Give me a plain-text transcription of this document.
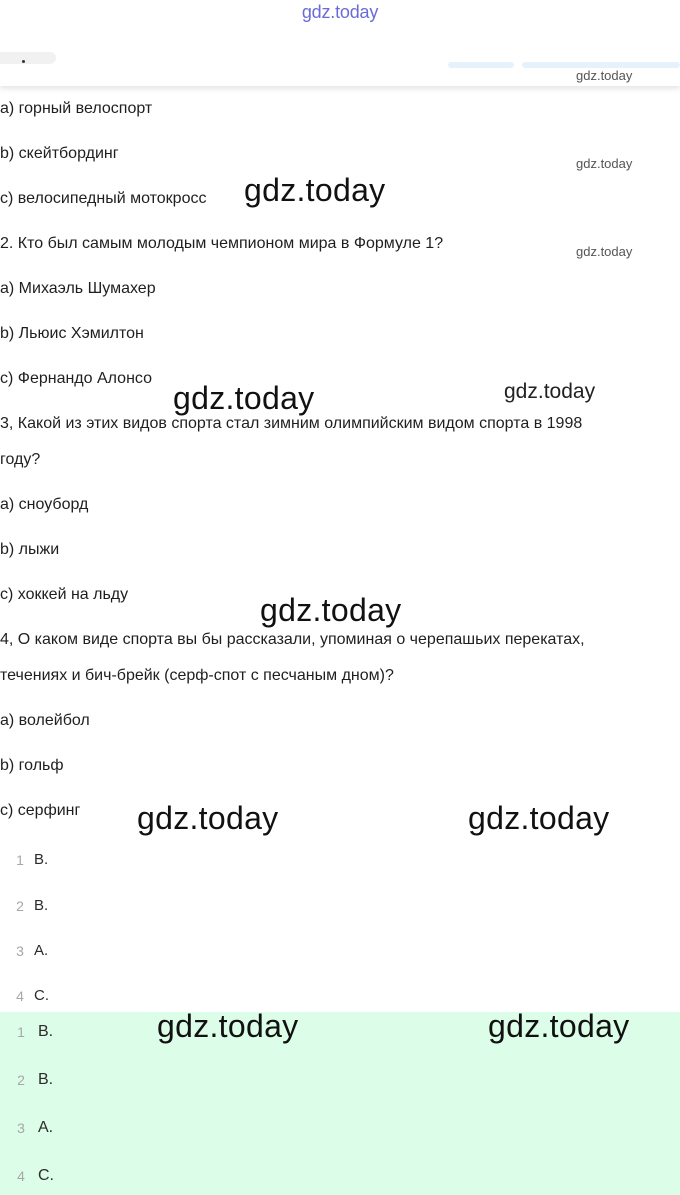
gdz.today
a) горный велоспорт
b) скейтбординг
c) велосипедный мотокросс
2. Кто был самым молодым чемпионом мира в Формуле 1?
a) Михаэль Шумахер
b) Льюис Хэмилтон
c) Фернандо Алонсо
3, Какой из этих видов спорта стал зимним олимпийским видом спорта в 1998
году?
a) сноуборд
b) лыжи
c) хоккей на льду
4, О каком виде спорта вы бы рассказали, упоминая о черепашьих перекатах,
течениях и бич-брейк (серф-спот с песчаным дном)?
a) волейбол
b) гольф
c) серфинг
1 B.
2 B.
3 A.
4 C.
1 B.
2 B.
3 A.
4 C.
gdz.today
gdz.today
gdz.today
gdz.today
gdz.today
gdz.today
gdz.today
gdz.today	gdz.today
gdz.today	gdz.today
